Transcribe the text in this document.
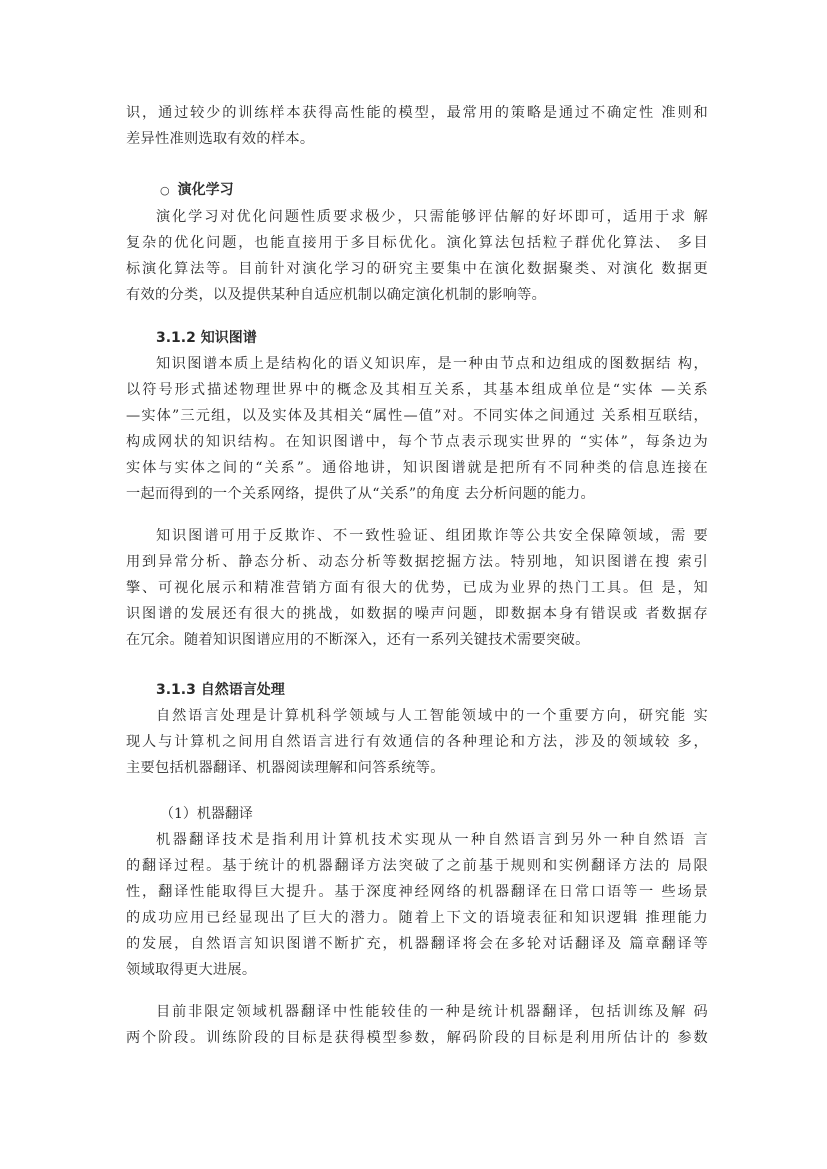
识，通过较少的训练样本获得高性能的模型，最常用的策略是通过不确定性 准则和
差异性准则选取有效的样本。
○ 演化学习
演化学习对优化问题性质要求极少，只需能够评估解的好坏即可，适用于求 解
复杂的优化问题，也能直接用于多目标优化。演化算法包括粒子群优化算法、 多目
标演化算法等。目前针对演化学习的研究主要集中在演化数据聚类、对演化 数据更
有效的分类，以及提供某种自适应机制以确定演化机制的影响等。
3.1.2 知识图谱
知识图谱本质上是结构化的语义知识库，是一种由节点和边组成的图数据结 构，
以符号形式描述物理世界中的概念及其相互关系，其基本组成单位是“实体 —关系
—实体”三元组，以及实体及其相关“属性—值”对。不同实体之间通过 关系相互联结，
构成网状的知识结构。在知识图谱中，每个节点表示现实世界的 “实体”，每条边为
实体与实体之间的“关系”。通俗地讲，知识图谱就是把所有不同种类的信息连接在
一起而得到的一个关系网络，提供了从“关系”的角度 去分析问题的能力。
知识图谱可用于反欺诈、不一致性验证、组团欺诈等公共安全保障领域，需 要
用到异常分析、静态分析、动态分析等数据挖掘方法。特别地，知识图谱在搜 索引
擎、可视化展示和精准营销方面有很大的优势，已成为业界的热门工具。但 是，知
识图谱的发展还有很大的挑战，如数据的噪声问题，即数据本身有错误或 者数据存
在冗余。随着知识图谱应用的不断深入，还有一系列关键技术需要突破。
3.1.3 自然语言处理
自然语言处理是计算机科学领域与人工智能领域中的一个重要方向，研究能 实
现人与计算机之间用自然语言进行有效通信的各种理论和方法，涉及的领域较 多，
主要包括机器翻译、机器阅读理解和问答系统等。
（1）机器翻译
机器翻译技术是指利用计算机技术实现从一种自然语言到另外一种自然语 言
的翻译过程。基于统计的机器翻译方法突破了之前基于规则和实例翻译方法的 局限
性，翻译性能取得巨大提升。基于深度神经网络的机器翻译在日常口语等一 些场景
的成功应用已经显现出了巨大的潜力。随着上下文的语境表征和知识逻辑 推理能力
的发展，自然语言知识图谱不断扩充，机器翻译将会在多轮对话翻译及 篇章翻译等
领域取得更大进展。
目前非限定领域机器翻译中性能较佳的一种是统计机器翻译，包括训练及解 码
两个阶段。训练阶段的目标是获得模型参数，解码阶段的目标是利用所估计的 参数
